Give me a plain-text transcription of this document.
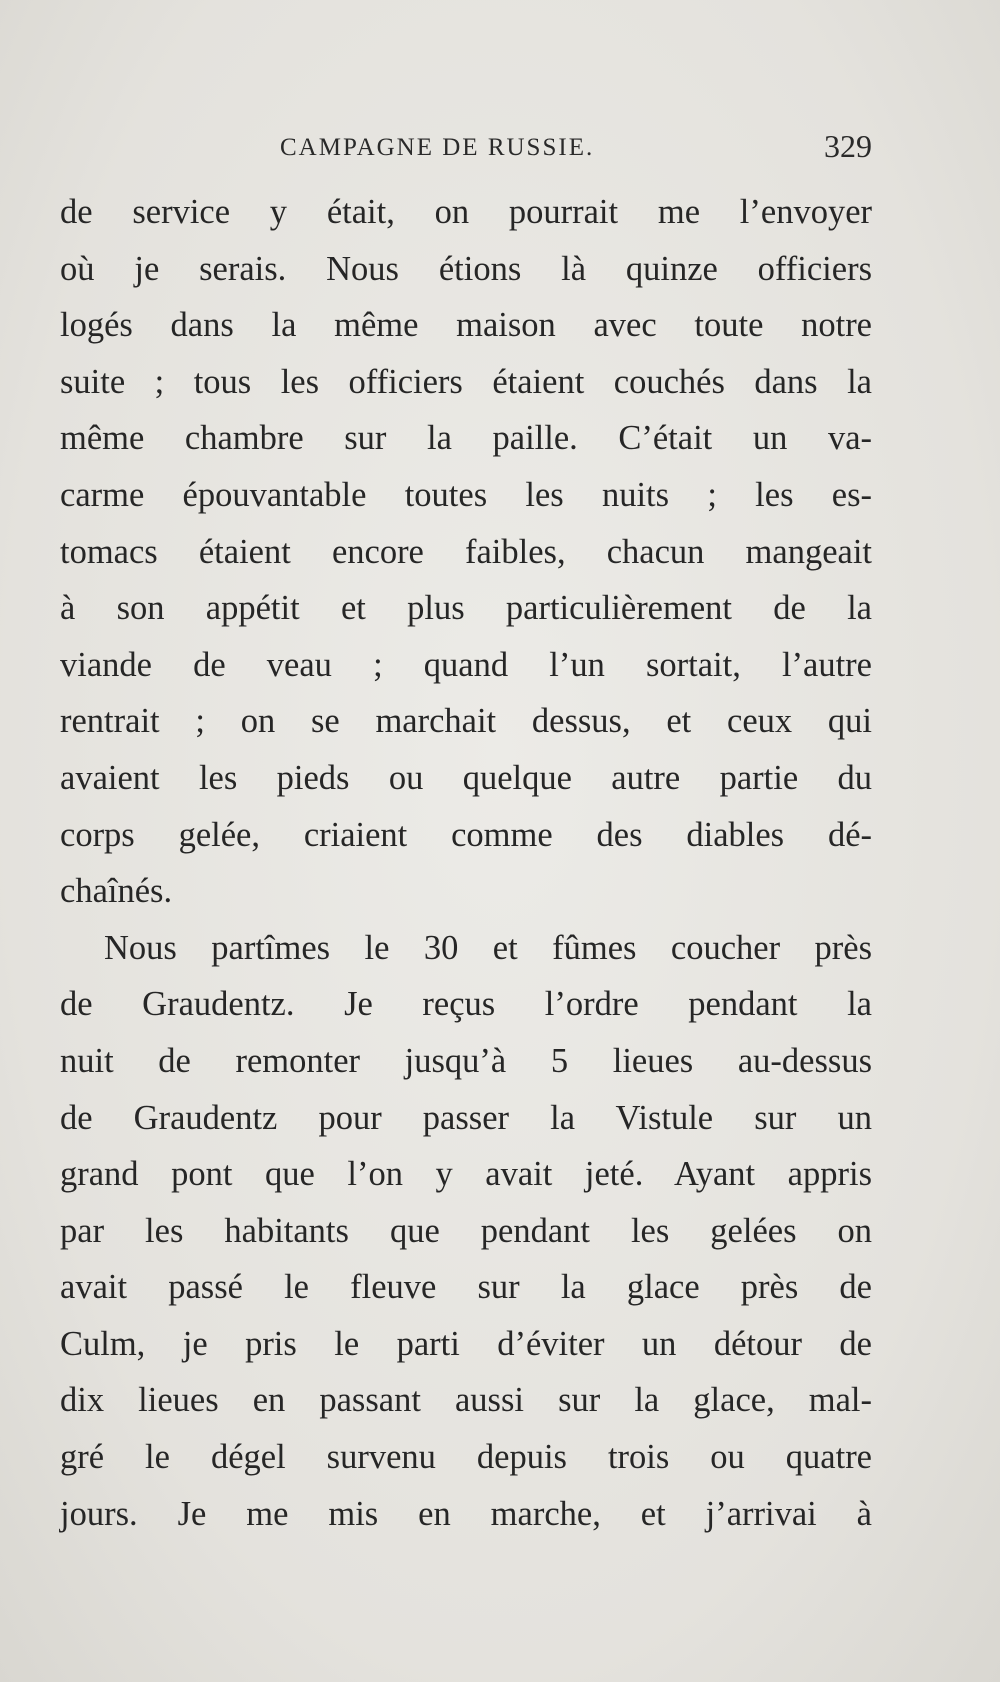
CAMPAGNE DE RUSSIE.	329
de service y était, on pourrait me l’envoyer
où je serais. Nous étions là quinze officiers
logés dans la même maison avec toute notre
suite ; tous les officiers étaient couchés dans la
même chambre sur la paille. C’était un va-
carme épouvantable toutes les nuits ; les es-
tomacs étaient encore faibles, chacun mangeait
à son appétit et plus particulièrement de la
viande de veau ; quand l’un sortait, l’autre
rentrait ; on se marchait dessus, et ceux qui
avaient les pieds ou quelque autre partie du
corps gelée, criaient comme des diables dé-
chaînés.
Nous partîmes le 30 et fûmes coucher près
de Graudentz. Je reçus l’ordre pendant la
nuit de remonter jusqu’à 5 lieues au-dessus
de Graudentz pour passer la Vistule sur un
grand pont que l’on y avait jeté. Ayant appris
par les habitants que pendant les gelées on
avait passé le fleuve sur la glace près de
Culm, je pris le parti d’éviter un détour de
dix lieues en passant aussi sur la glace, mal-
gré le dégel survenu depuis trois ou quatre
jours. Je me mis en marche, et j’arrivai à
